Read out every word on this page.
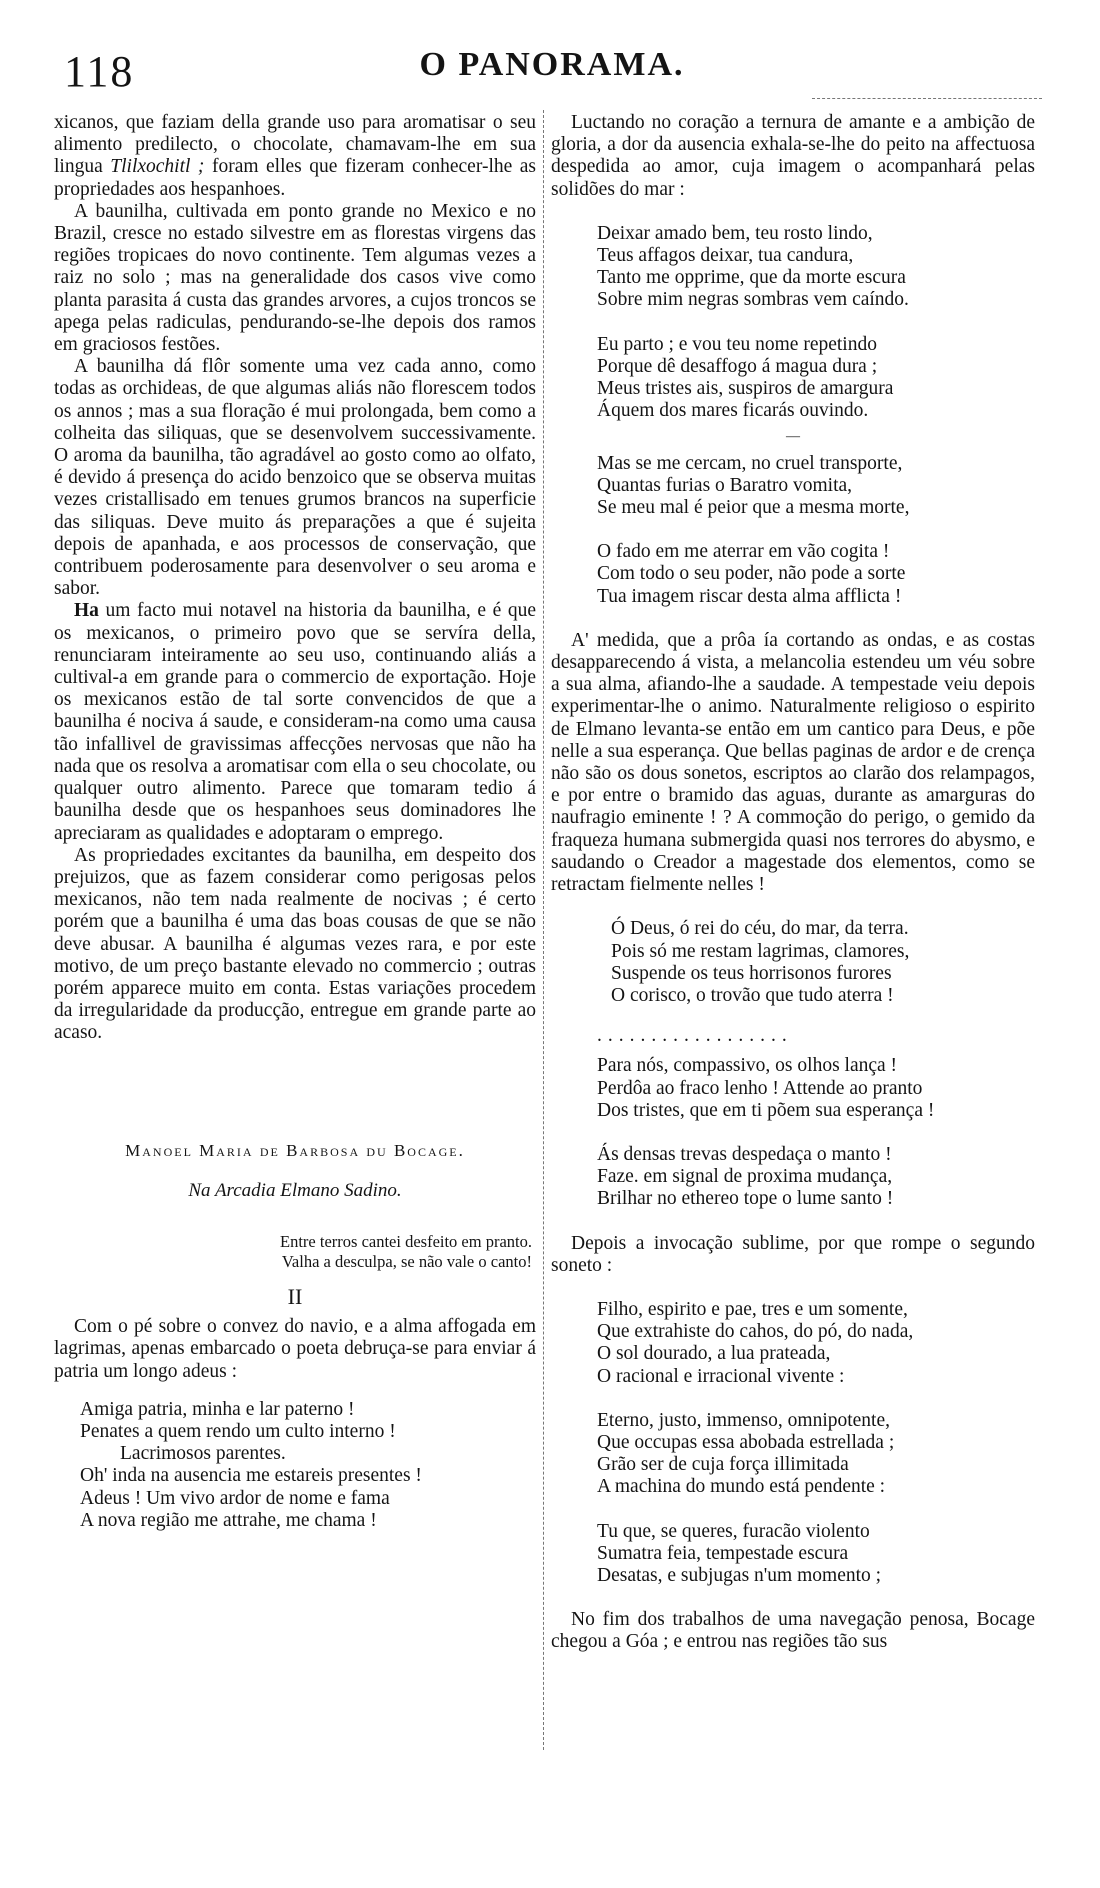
118	O PANORAMA.

xicanos, que faziam della grande uso para aromatisar o seu alimento predilecto, o chocolate, chamavam-lhe em sua lingua Tlilxochitl ; foram elles que fizeram conhecer-lhe as propriedades aos hespanhoes.

A baunilha, cultivada em ponto grande no Mexico e no Brazil, cresce no estado silvestre em as florestas virgens das regiões tropicaes do novo continente. Tem algumas vezes a raiz no solo ; mas na generalidade dos casos vive como planta parasita á custa das grandes arvores, a cujos troncos se apega pelas radiculas, pendurando-se-lhe depois dos ramos em graciosos festões.

A baunilha dá flôr somente uma vez cada anno, como todas as orchideas, de que algumas aliás não florescem todos os annos ; mas a sua floração é mui prolongada, bem como a colheita das siliquas, que se desenvolvem successivamente. O aroma da baunilha, tão agradável ao gosto como ao olfato, é devido á presença do acido benzoico que se observa muitas vezes cristallisado em tenues grumos brancos na superficie das siliquas. Deve muito ás preparações a que é sujeita depois de apanhada, e aos processos de conservação, que contribuem poderosamente para desenvolver o seu aroma e sabor.

Ha um facto mui notavel na historia da baunilha, e é que os mexicanos, o primeiro povo que se servíra della, renunciaram inteiramente ao seu uso, continuando aliás a cultival-a em grande para o commercio de exportação. Hoje os mexicanos estão de tal sorte convencidos de que a baunilha é nociva á saude, e consideram-na como uma causa tão infallivel de gravissimas affecções nervosas que não ha nada que os resolva a aromatisar com ella o seu chocolate, ou qualquer outro alimento. Parece que tomaram tedio á baunilha desde que os hespanhoes seus dominadores lhe apreciaram as qualidades e adoptaram o emprego.

As propriedades excitantes da baunilha, em despeito dos prejuizos, que as fazem considerar como perigosas pelos mexicanos, não tem nada realmente de nocivas ; é certo porém que a baunilha é uma das boas cousas de que se não deve abusar. A baunilha é algumas vezes rara, e por este motivo, de um preço bastante elevado no commercio ; outras porém apparece muito em conta. Estas variações procedem da irregularidade da producção, entregue em grande parte ao acaso.

Manoel Maria de Barbosa du Bocage.

Na Arcadia Elmano Sadino.

Entre terros cantei desfeito em pranto.
Valha a desculpa, se não vale o canto!

II

Com o pé sobre o convez do navio, e a alma affogada em lagrimas, apenas embarcado o poeta debruça-se para enviar á patria um longo adeus :

Amiga patria, minha e lar paterno !
Penates a quem rendo um culto interno !
Lacrimosos parentes.
Oh' inda na ausencia me estareis presentes !
Adeus ! Um vivo ardor de nome e fama
A nova região me attrahe, me chama !

Luctando no coração a ternura de amante e a ambição de gloria, a dor da ausencia exhala-se-lhe do peito na affectuosa despedida ao amor, cuja imagem o acompanhará pelas solidões do mar :

Deixar amado bem, teu rosto lindo,
Teus affagos deixar, tua candura,
Tanto me opprime, que da morte escura
Sobre mim negras sombras vem caíndo.
Eu parto ; e vou teu nome repetindo
Porque dê desaffogo á magua dura ;
Meus tristes ais, suspiros de amargura
Áquem dos mares ficarás ouvindo.
—
Mas se me cercam, no cruel transporte,
Quantas furias o Baratro vomita,
Se meu mal é peior que a mesma morte,
O fado em me aterrar em vão cogita !
Com todo o seu poder, não pode a sorte
Tua imagem riscar desta alma afflicta !

A' medida, que a prôa ía cortando as ondas, e as costas desapparecendo á vista, a melancolia estendeu um véu sobre a sua alma, afiando-lhe a saudade. A tempestade veiu depois experimentar-lhe o animo. Naturalmente religioso o espirito de Elmano levanta-se então em um cantico para Deus, e põe nelle a sua esperança. Que bellas paginas de ardor e de crença não são os dous sonetos, escriptos ao clarão dos relampagos, e por entre o bramido das aguas, durante as amarguras do naufragio eminente ! ? A commoção do perigo, o gemido da fraqueza humana submergida quasi nos terrores do abysmo, e saudando o Creador a magestade dos elementos, como se retractam fielmente nelles !

Ó Deus, ó rei do céu, do mar, da terra.
Pois só me restam lagrimas, clamores,
Suspende os teus horrisonos furores
O corisco, o trovão que tudo aterra !
..................
Para nós, compassivo, os olhos lança !
Perdôa ao fraco lenho ! Attende ao pranto
Dos tristes, que em ti põem sua esperança !
Ás densas trevas despedaça o manto !
Faze. em signal de proxima mudança,
Brilhar no ethereo tope o lume santo !

Depois a invocação sublime, por que rompe o segundo soneto :

Filho, espirito e pae, tres e um somente,
Que extrahiste do cahos, do pó, do nada,
O sol dourado, a lua prateada,
O racional e irracional vivente :
Eterno, justo, immenso, omnipotente,
Que occupas essa abobada estrellada ;
Grão ser de cuja força illimitada
A machina do mundo está pendente :
Tu que, se queres, furacão violento
Sumatra feia, tempestade escura
Desatas, e subjugas n'um momento ;

No fim dos trabalhos de uma navegação penosa, Bocage chegou a Góa ; e entrou nas regiões tão sus
